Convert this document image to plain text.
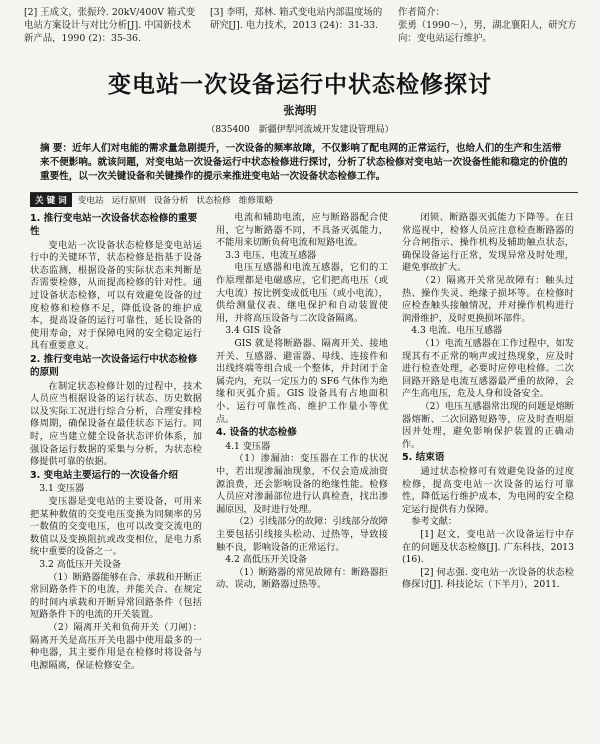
[2] 王成文，张振玲. 20kV/400V 箱式变电站方案设计与对比分析[J]. 中国新技术新产品，1990 (2)：35-36.

[3] 李明，郑林. 箱式变电站内部温度场的研究[J]. 电力技术，2013 (24)：31-33.

作者简介：

张勇（1990～），男，湖北襄阳人，研究方向：变电站运行维护。

变电站一次设备运行中状态检修探讨
张海明
（835400　新疆伊犁河流域开发建设管理局）
摘 要：近年人们对电能的需求量急剧提升，一次设备的频率故障，不仅影响了配电网的正常运行，也给人们的生产和生活带来不便影响。就该问题，对变电站一次设备运行中状态检修进行探讨，分析了状态检修对变电站一次设备性能和稳定的价值的重要性，以一次关键设备和关键操作的提示来推进变电站一次设备状态检修工作。
关 键 词	变电站 运行原则 设备分析 状态检修 维修策略
1. 推行变电站一次设备状态检修的重要性

变电站一次设备状态检修是变电站运行中的关键环节，状态检修是指基于设备状态监测，根据设备的实际状态来判断是否需要检修，从而提高检修的针对性。通过设备状态检修，可以有效避免设备的过度检修和检修不足，降低设备的维护成本，提高设备的运行可靠性，延长设备的使用寿命，对于保障电网的安全稳定运行具有重要意义。

2. 推行变电站一次设备运行中状态检修的原则

在制定状态检修计划的过程中，技术人员应当根据设备的运行状态、历史数据以及实际工况进行综合分析，合理安排检修周期，确保设备在最佳状态下运行。同时，应当建立健全设备状态评价体系，加强设备运行数据的采集与分析，为状态检修提供可靠的依据。

3. 变电站主要运行的一次设备介绍
3.1 变压器

变压器是变电站的主要设备，可用来把某种数值的交变电压变换为同频率的另一数值的交变电压，也可以改变交流电的数值以及变换阻抗或改变相位，是电力系统中重要的设备之一。

3.2 高低压开关设备

（1）断路器能够在合、承载和开断正常回路条件下的电流，并能关合、在规定的时间内承载和开断异常回路条件（包括短路条件下的电流的开关装置。

（2）隔离开关和负荷开关（刀闸）：隔离开关是高压开关电器中使用最多的一种电器，其主要作用是在检修时将设备与电源隔离，保证检修安全。

电流和辅助电流，应与断路器配合使用，它与断路器不同，不具备灭弧能力，不能用来切断负荷电流和短路电流。

3.3 电压、电流互感器

电压互感器和电流互感器，它们的工作原理都是电磁感应，它们把高电压（或大电流）按比例变成低电压（或小电流），供给测量仪表、继电保护和自动装置使用，并将高压设备与二次设备隔离。

3.4 GIS 设备

GIS 就是将断路器、隔离开关、接地开关、互感器、避雷器、母线、连接件和出线终端等组合成一个整体，并封闭于金属壳内，充以一定压力的 SF6 气体作为绝缘和灭弧介质。GIS 设备具有占地面积小、运行可靠性高、维护工作量小等优点。

4. 设备的状态检修
4.1 变压器

（1）渗漏油：变压器在工作的状况中，若出现渗漏油现象，不仅会造成油资源浪费，还会影响设备的绝缘性能。检修人员应对渗漏部位进行认真检查，找出渗漏原因，及时进行处理。

（2）引线部分的故障：引线部分故障主要包括引线接头松动、过热等，导致接触不良，影响设备的正常运行。

4.2 高低压开关设备

（1）断路器的常见故障有：断路器拒动、误动，断路器过热等。

闭锁、断路器灭弧能力下降等。在日常巡视中，检修人员应注意检查断路器的分合闸指示、操作机构及辅助触点状态，确保设备运行正常，发现异常及时处理，避免事故扩大。

（2）隔离开关常见故障有：触头过热、操作失灵、绝缘子损坏等。在检修时应检查触头接触情况，并对操作机构进行润滑维护，及时更换损坏部件。

4.3 电流、电压互感器

（1）电流互感器在工作过程中，如发现其有不正常的响声或过热现象，应及时进行检查处理，必要时应停电检修。二次回路开路是电流互感器最严重的故障，会产生高电压，危及人身和设备安全。

（2）电压互感器常出现的问题是熔断器熔断、二次回路短路等，应及时查明原因并处理，避免影响保护装置的正确动作。

5. 结束语

通过状态检修可有效避免设备的过度检修，提高变电站一次设备的运行可靠性，降低运行维护成本，为电网的安全稳定运行提供有力保障。

参考文献：

[1] 赵文，变电站一次设备运行中存在的问题及状态检修[J]. 广东科技，2013 (16).

[2] 何志强. 变电站一次设备的状态检修探讨[J]. 科技论坛（下半月），2011.
